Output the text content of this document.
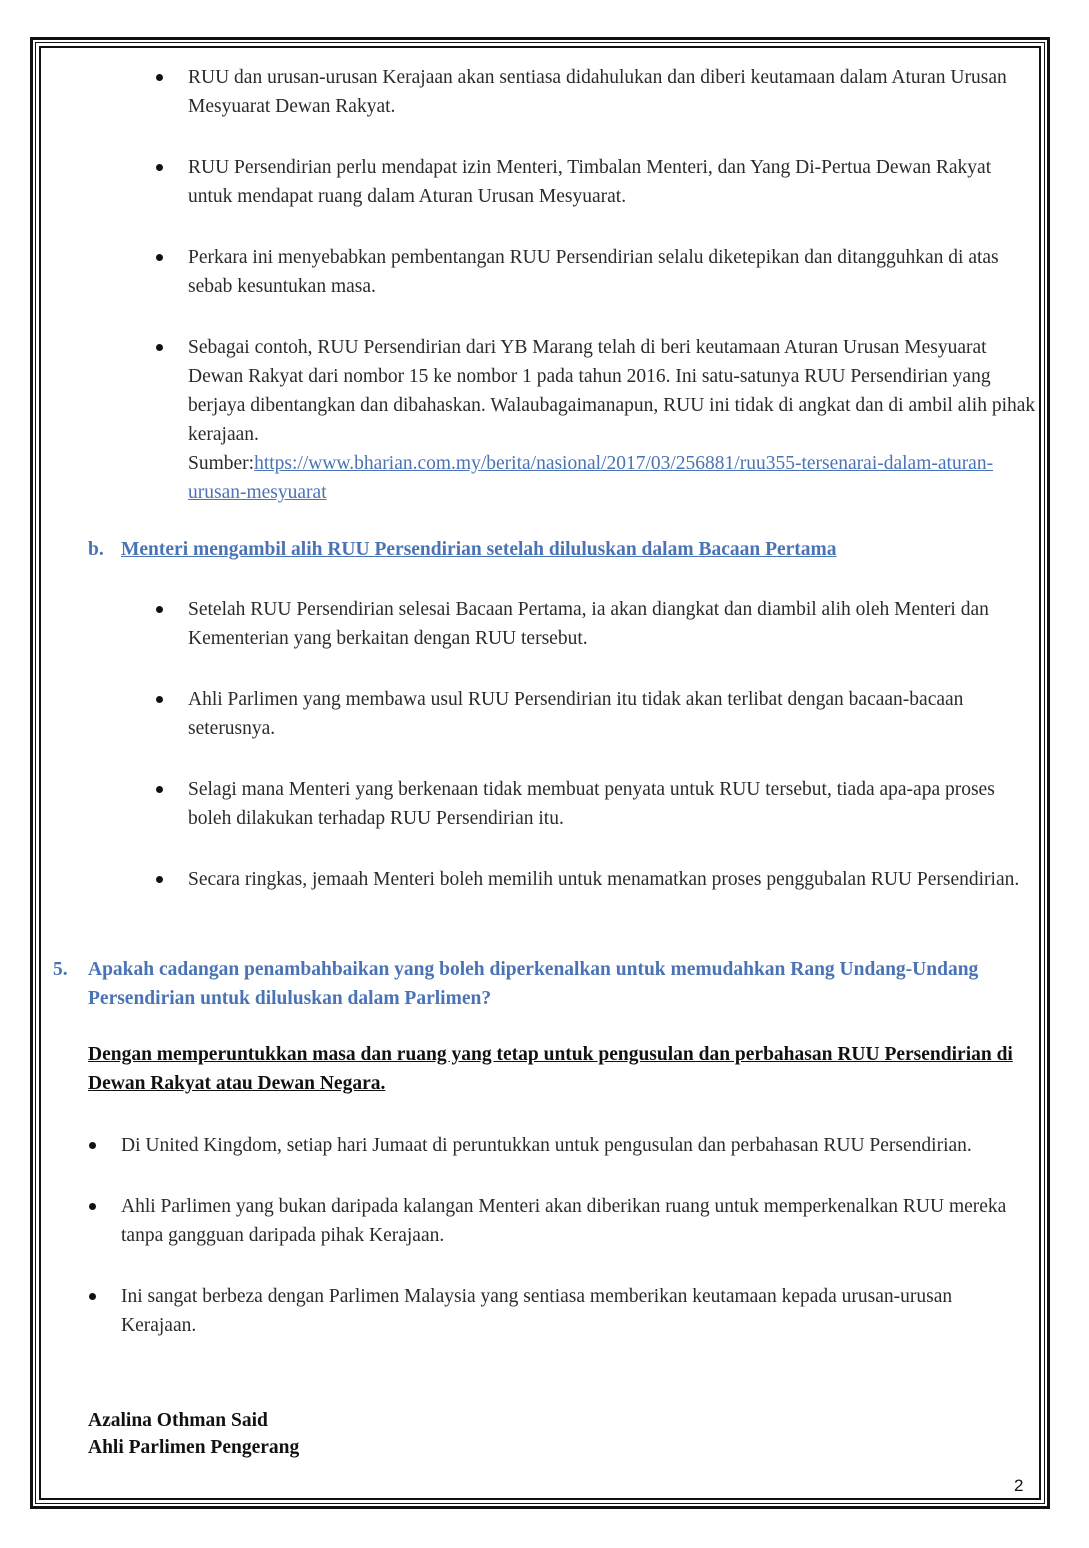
RUU dan urusan-urusan Kerajaan akan sentiasa didahulukan dan diberi keutamaan dalam Aturan Urusan Mesyuarat Dewan Rakyat.
RUU Persendirian perlu mendapat izin Menteri, Timbalan Menteri, dan Yang Di-Pertua Dewan Rakyat untuk mendapat ruang dalam Aturan Urusan Mesyuarat.
Perkara ini menyebabkan pembentangan RUU Persendirian selalu diketepikan dan ditangguhkan di atas sebab kesuntukan masa.
Sebagai contoh, RUU Persendirian dari YB Marang telah di beri keutamaan Aturan Urusan Mesyuarat Dewan Rakyat dari nombor 15 ke nombor 1 pada tahun 2016. Ini satu-satunya RUU Persendirian yang berjaya dibentangkan dan dibahaskan. Walaubagaimanapun, RUU ini tidak di angkat dan di ambil alih pihak kerajaan.
Sumber:https://www.bharian.com.my/berita/nasional/2017/03/256881/ruu355-tersenarai-dalam-aturan-urusan-mesyuarat
b. Menteri mengambil alih RUU Persendirian setelah diluluskan dalam Bacaan Pertama
Setelah RUU Persendirian selesai Bacaan Pertama, ia akan diangkat dan diambil alih oleh Menteri dan Kementerian yang berkaitan dengan RUU tersebut.
Ahli Parlimen yang membawa usul RUU Persendirian itu tidak akan terlibat dengan bacaan-bacaan seterusnya.
Selagi mana Menteri yang berkenaan tidak membuat penyata untuk RUU tersebut, tiada apa-apa proses boleh dilakukan terhadap RUU Persendirian itu.
Secara ringkas, jemaah Menteri boleh memilih untuk menamatkan proses penggubalan RUU Persendirian.
5. Apakah cadangan penambahbaikan yang boleh diperkenalkan untuk memudahkan Rang Undang-Undang Persendirian untuk diluluskan dalam Parlimen?
Dengan memperuntukkan masa dan ruang yang tetap untuk pengusulan dan perbahasan RUU Persendirian di Dewan Rakyat atau Dewan Negara.
Di United Kingdom, setiap hari Jumaat di peruntukkan untuk pengusulan dan perbahasan RUU Persendirian.
Ahli Parlimen yang bukan daripada kalangan Menteri akan diberikan ruang untuk memperkenalkan RUU mereka tanpa gangguan daripada pihak Kerajaan.
Ini sangat berbeza dengan Parlimen Malaysia yang sentiasa memberikan keutamaan kepada urusan-urusan Kerajaan.
Azalina Othman Said
Ahli Parlimen Pengerang
2
